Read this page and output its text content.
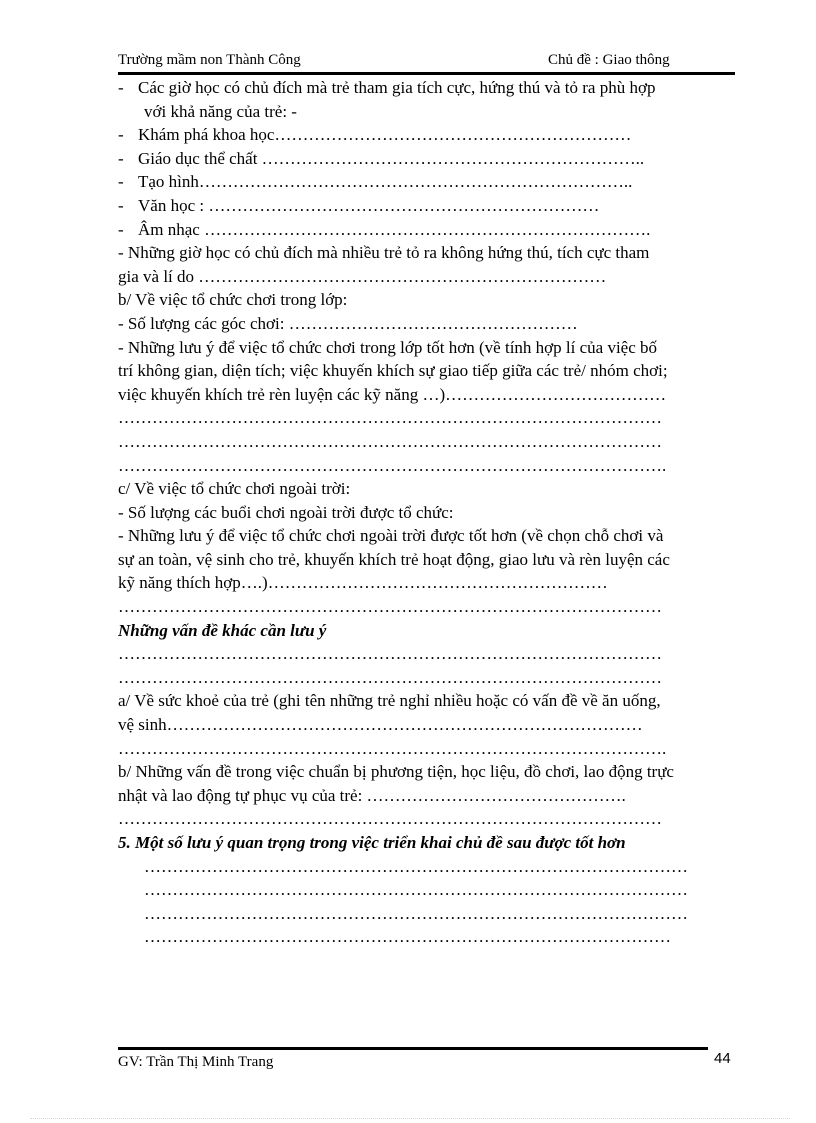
Trường mầm non Thành Công	Chủ đề : Giao thông
- Các giờ học có chủ đích mà trẻ tham gia tích cực, hứng thú và tỏ ra phù hợp
với khả năng của trẻ: -
- Khám phá khoa học………………………………………………………
- Giáo dục thể chất …………………………………………………………..
- Tạo hình…………………………………………………………………..
- Văn học : ……………………………………………………………
- Âm nhạc …………………………………………………………………….
- Những giờ học có chủ đích mà nhiều trẻ tỏ ra không hứng thú, tích cực tham
gia và lí do ………………………………………………………………
b/ Về việc tổ chức chơi trong lớp:
- Số lượng các góc chơi: ……………………………………………
- Những lưu ý để việc tổ chức chơi trong lớp tốt hơn (về tính hợp lí của việc bố
trí không gian, diện tích; việc khuyến khích sự giao tiếp giữa các trẻ/ nhóm chơi;
việc khuyến khích trẻ rèn luyện các kỹ năng …)…………………………………
……………………………………………………………………………………
……………………………………………………………………………………
…………………………………………………………………………………….
c/ Về việc tổ chức chơi ngoài trời:
- Số lượng các buổi chơi ngoài trời được tổ chức:
- Những lưu ý để việc tổ chức chơi ngoài trời được tốt hơn (về chọn chỗ chơi và
sự an toàn, vệ sinh cho trẻ, khuyến khích trẻ hoạt động, giao lưu và rèn luyện các
kỹ năng thích hợp….)……………………………………………………
……………………………………………………………………………………
Những vấn đề khác cần lưu ý
……………………………………………………………………………………
……………………………………………………………………………………
a/ Về sức khoẻ của trẻ (ghi tên những trẻ nghỉ nhiều hoặc có vấn đề về ăn uống,
vệ sinh…………………………………………………………………………
…………………………………………………………………………………….
b/ Những vấn đề trong việc chuẩn bị phương tiện, học liệu, đồ chơi, lao động trực
nhật và lao động tự phục vụ của trẻ: ……………………………………….
……………………………………………………………………………………
5. Một số lưu ý quan trọng trong việc triển khai chủ đề sau được tốt hơn
……………………………………………………………………………………
……………………………………………………………………………………
……………………………………………………………………………………
…………………………………………………………………………………
GV: Trần Thị Minh Trang	44
